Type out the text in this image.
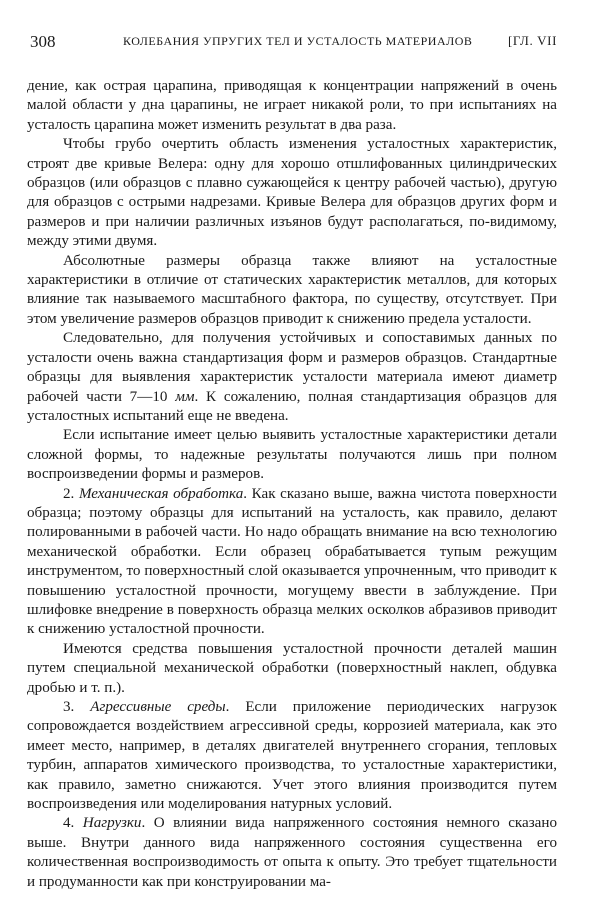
308	КОЛЕБАНИЯ УПРУГИХ ТЕЛ И УСТАЛОСТЬ МАТЕРИАЛОВ	[ГЛ. VII

дение, как острая царапина, приводящая к концентрации напряжений в очень малой области у дна царапины, не играет никакой роли, то при испытаниях на усталость царапина может изменить результат в два раза.

Чтобы грубо очертить область изменения усталостных характеристик, строят две кривые Велера: одну для хорошо отшлифованных цилиндрических образцов (или образцов с плавно сужающейся к центру рабочей частью), другую для образцов с острыми надрезами. Кривые Велера для образцов других форм и размеров и при наличии различных изъянов будут располагаться, по-видимому, между этими двумя.

Абсолютные размеры образца также влияют на усталостные характеристики в отличие от статических характеристик металлов, для которых влияние так называемого масштабного фактора, по существу, отсутствует. При этом увеличение размеров образцов приводит к снижению предела усталости.

Следовательно, для получения устойчивых и сопоставимых данных по усталости очень важна стандартизация форм и размеров образцов. Стандартные образцы для выявления характеристик усталости материала имеют диаметр рабочей части 7—10 мм. К сожалению, полная стандартизация образцов для усталостных испытаний еще не введена.

Если испытание имеет целью выявить усталостные характеристики детали сложной формы, то надежные результаты получаются лишь при полном воспроизведении формы и размеров.

2. Механическая обработка. Как сказано выше, важна чистота поверхности образца; поэтому образцы для испытаний на усталость, как правило, делают полированными в рабочей части. Но надо обращать внимание на всю технологию механической обработки. Если образец обрабатывается тупым режущим инструментом, то поверхностный слой оказывается упрочненным, что приводит к повышению усталостной прочности, могущему ввести в заблуждение. При шлифовке внедрение в поверхность образца мелких осколков абразивов приводит к снижению усталостной прочности.

Имеются средства повышения усталостной прочности деталей машин путем специальной механической обработки (поверхностный наклеп, обдувка дробью и т. п.).

3. Агрессивные среды. Если приложение периодических нагрузок сопровождается воздействием агрессивной среды, коррозией материала, как это имеет место, например, в деталях двигателей внутреннего сгорания, тепловых турбин, аппаратов химического производства, то усталостные характеристики, как правило, заметно снижаются. Учет этого влияния производится путем воспроизведения или моделирования натурных условий.

4. Нагрузки. О влиянии вида напряженного состояния немного сказано выше. Внутри данного вида напряженного состояния существенна его количественная воспроизводимость от опыта к опыту. Это требует тщательности и продуманности как при конструировании ма-
